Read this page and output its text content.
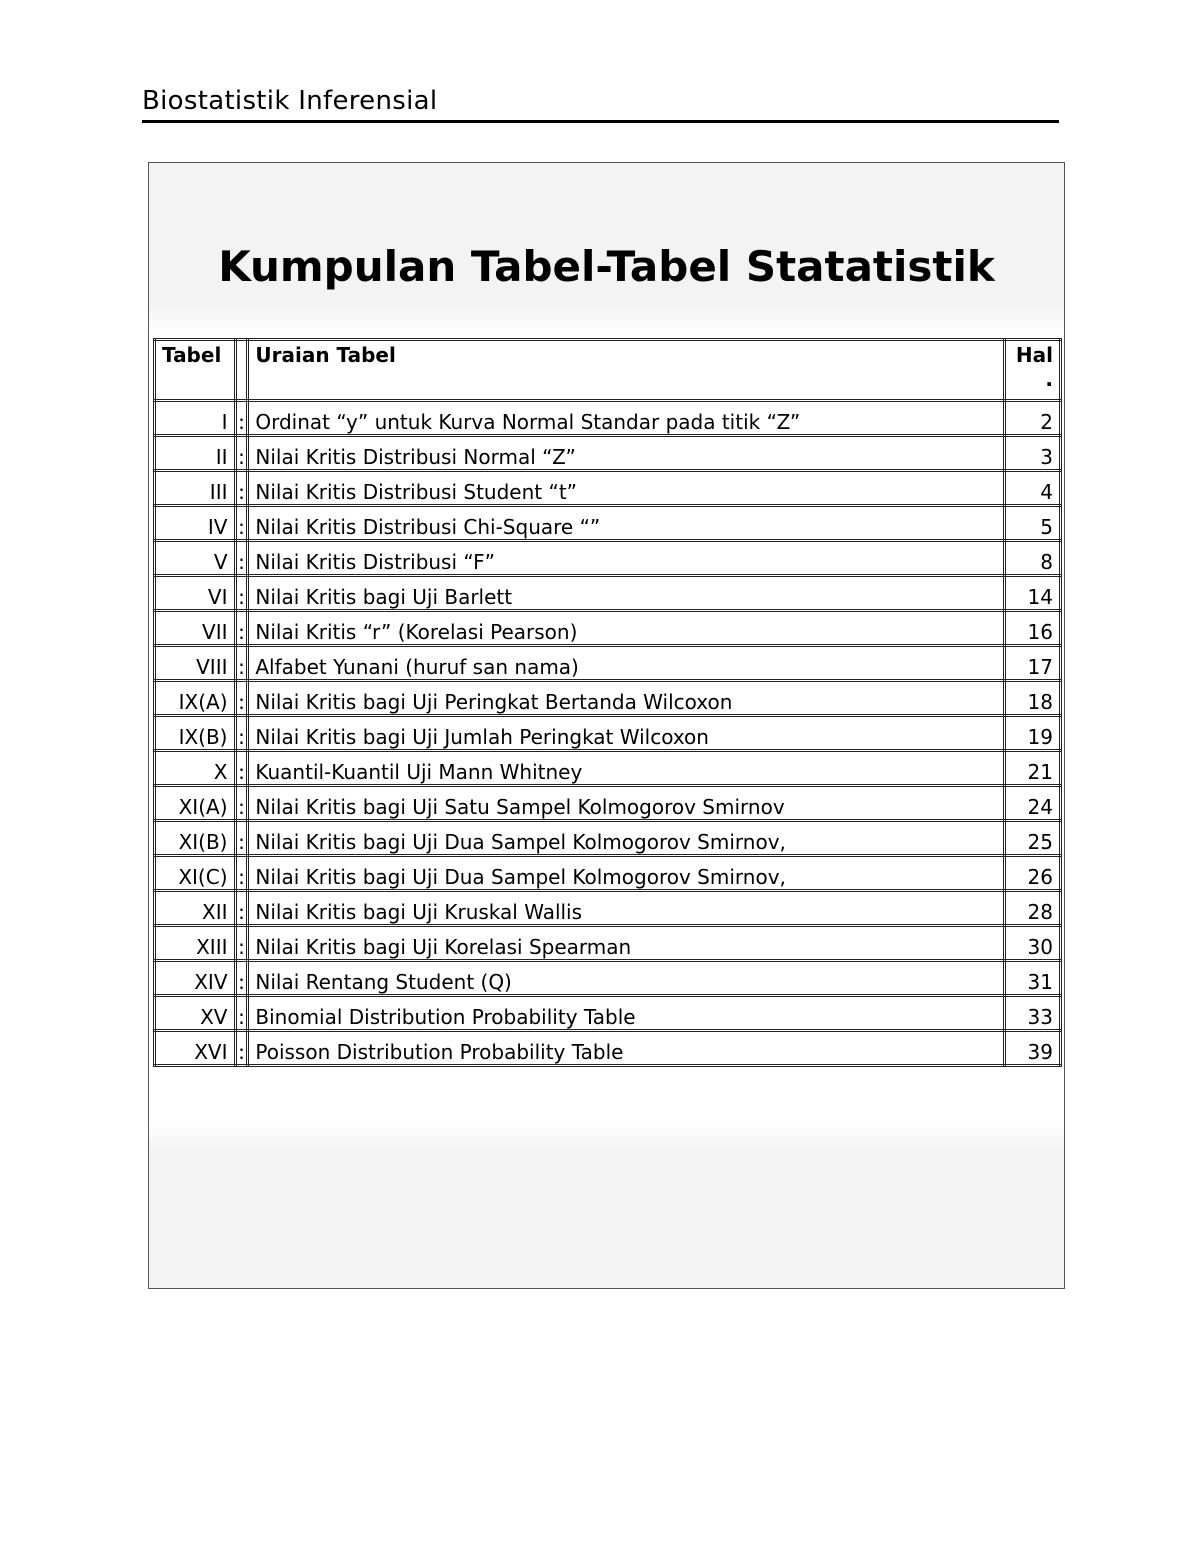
Biostatistik Inferensial
Kumpulan Tabel-Tabel Statatistik
Tabel		Uraian Tabel	Hal
.

I	:	Ordinat “y” untuk Kurva Normal Standar pada titik “Z”	2
II	:	Nilai Kritis Distribusi Normal “Z”	3
III	:	Nilai Kritis Distribusi Student “t”	4
IV	:	Nilai Kritis Distribusi Chi-Square “”	5
V	:	Nilai Kritis Distribusi “F”	8
VI	:	Nilai Kritis bagi Uji Barlett	14
VII	:	Nilai Kritis “r” (Korelasi Pearson)	16
VIII	:	Alfabet Yunani (huruf san nama)	17
IX(A)	:	Nilai Kritis bagi Uji Peringkat Bertanda Wilcoxon	18
IX(B)	:	Nilai Kritis bagi Uji Jumlah Peringkat Wilcoxon	19
X	:	Kuantil-Kuantil Uji Mann Whitney	21
XI(A)	:	Nilai Kritis bagi Uji Satu Sampel Kolmogorov Smirnov	24
XI(B)	:	Nilai Kritis bagi Uji Dua Sampel Kolmogorov Smirnov,	25
XI(C)	:	Nilai Kritis bagi Uji Dua Sampel Kolmogorov Smirnov,	26
XII	:	Nilai Kritis bagi Uji Kruskal Wallis	28
XIII	:	Nilai Kritis bagi Uji Korelasi Spearman	30
XIV	:	Nilai Rentang Student (Q)	31
XV	:	Binomial Distribution Probability Table	33
XVI	:	Poisson Distribution Probability Table	39
